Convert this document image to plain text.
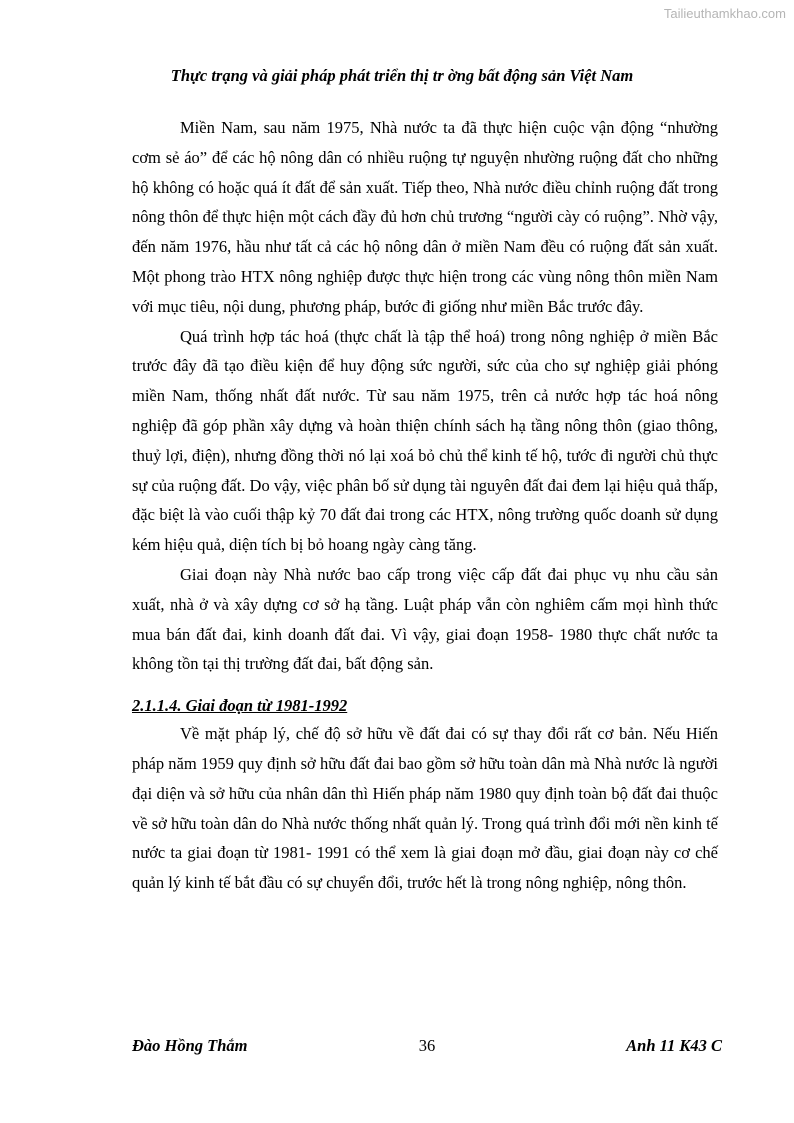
Tailieuthamkhao.com
Thực trạng và giải pháp phát triển thị tr ờng bất động sản Việt Nam

Miền Nam, sau năm 1975, Nhà nước ta đã thực hiện cuộc vận động “nhường cơm sẻ áo” để các hộ nông dân có nhiều ruộng tự nguyện nhường ruộng đất cho những hộ không có hoặc quá ít đất để sản xuất. Tiếp theo, Nhà nước điều chỉnh ruộng đất trong nông thôn để thực hiện một cách đầy đủ hơn chủ trương “người cày có ruộng”. Nhờ vậy, đến năm 1976, hầu như tất cả các hộ nông dân ở miền Nam đều có ruộng đất sản xuất. Một phong trào HTX nông nghiệp được thực hiện trong các vùng nông thôn miền Nam với mục tiêu, nội dung, phương pháp, bước đi giống như miền Bắc trước đây.

Quá trình hợp tác hoá (thực chất là tập thể hoá) trong nông nghiệp ở miền Bắc trước đây đã tạo điều kiện để huy động sức người, sức của cho sự nghiệp giải phóng miền Nam, thống nhất đất nước. Từ sau năm 1975, trên cả nước hợp tác hoá nông nghiệp đã góp phần xây dựng và hoàn thiện chính sách hạ tầng nông thôn (giao thông, thuỷ lợi, điện), nhưng đồng thời nó lại xoá bỏ chủ thể kinh tế hộ, tước đi người chủ thực sự của ruộng đất. Do vậy, việc phân bố sử dụng tài nguyên đất đai đem lại hiệu quả thấp, đặc biệt là vào cuối thập kỷ 70 đất đai trong các HTX, nông trường quốc doanh sử dụng kém hiệu quả, diện tích bị bỏ hoang ngày càng tăng.

Giai đoạn này Nhà nước bao cấp trong việc cấp đất đai phục vụ nhu cầu sản xuất, nhà ở và xây dựng cơ sở hạ tầng. Luật pháp vẫn còn nghiêm cấm mọi hình thức mua bán đất đai, kinh doanh đất đai. Vì vậy, giai đoạn 1958- 1980 thực chất nước ta không tồn tại thị trường đất đai, bất động sản.

2.1.1.4. Giai đoạn từ 1981-1992

Về mặt pháp lý, chế độ sở hữu về đất đai có sự thay đổi rất cơ bản. Nếu Hiến pháp năm 1959 quy định sở hữu đất đai bao gồm sở hữu toàn dân mà Nhà nước là người đại diện và sở hữu của nhân dân thì Hiến pháp năm 1980 quy định toàn bộ đất đai thuộc về sở hữu toàn dân do Nhà nước thống nhất quản lý. Trong quá trình đổi mới nền kinh tế nước ta giai đoạn từ 1981- 1991 có thể xem là giai đoạn mở đầu, giai đoạn này cơ chế quản lý kinh tế bắt đầu có sự chuyển đổi, trước hết là trong nông nghiệp, nông thôn.

Đào Hồng Thắm	36	Anh 11 K43 C
